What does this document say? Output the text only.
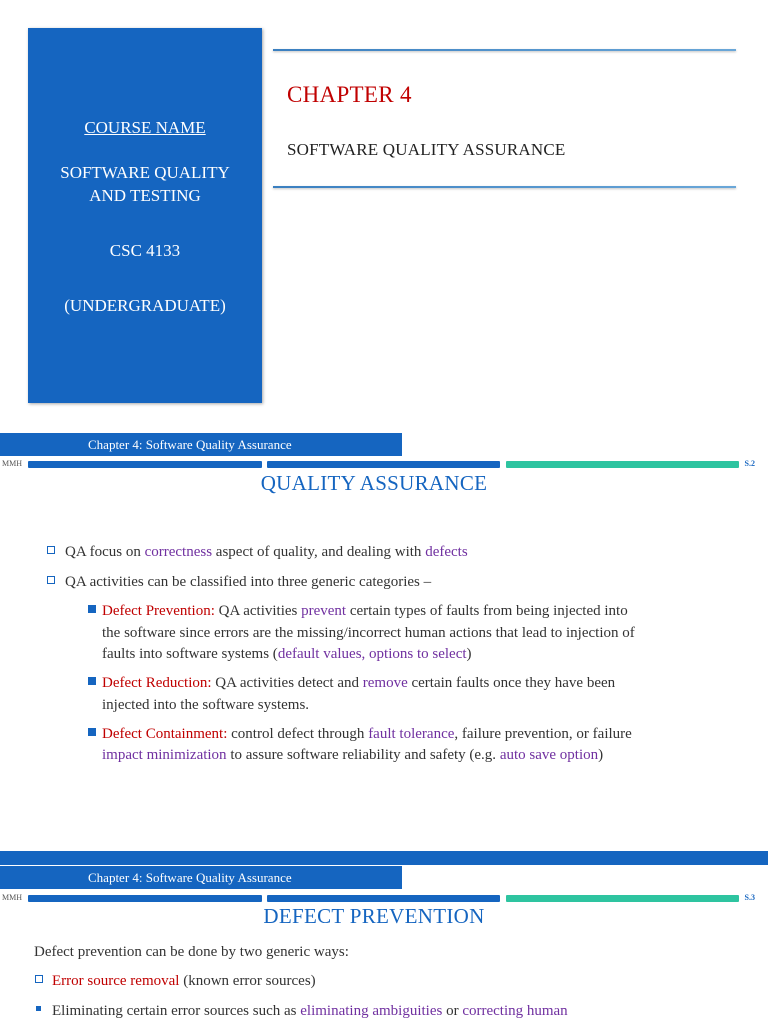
COURSE NAME
SOFTWARE QUALITY AND TESTING
CSC 4133
(UNDERGRADUATE)
CHAPTER 4
SOFTWARE QUALITY ASSURANCE
Chapter 4: Software Quality Assurance
MMH	S.2
QUALITY ASSURANCE
QA focus on correctness aspect of quality, and dealing with defects
QA activities can be classified into three generic categories –
Defect Prevention: QA activities prevent certain types of faults from being injected into
the software since errors are the missing/incorrect human actions that lead to injection of
faults into software systems (default values, options to select)
Defect Reduction: QA activities detect and remove certain faults once they have been
injected into the software systems.
Defect Containment: control defect through fault tolerance, failure prevention, or failure
impact minimization to assure software reliability and safety (e.g. auto save option)
Chapter 4: Software Quality Assurance
MMH	S.3
DEFECT PREVENTION
Defect prevention can be done by two generic ways:
Error source removal (known error sources)
Eliminating certain error sources such as eliminating ambiguities or correcting human
